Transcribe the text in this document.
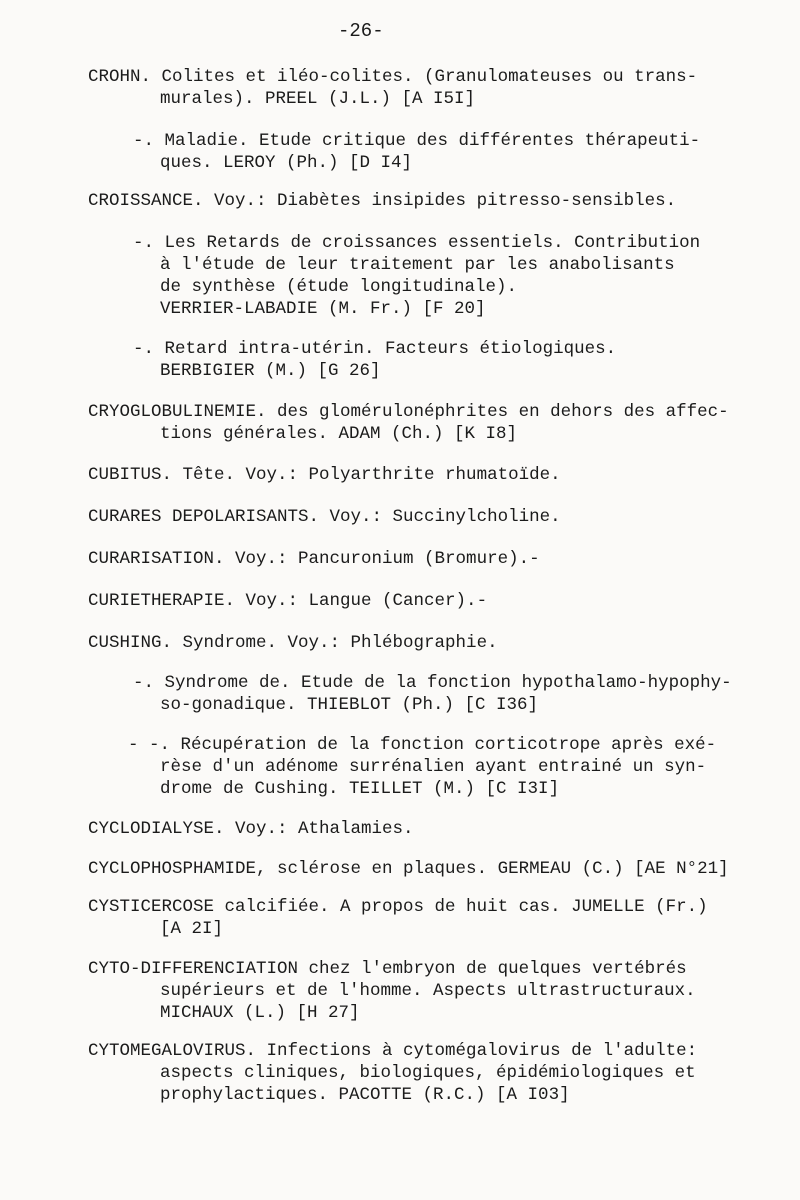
-26-
CROHN. Colites et iléo-colites. (Granulomateuses ou trans-
murales). PREEL (J.L.) [A I5I]
-. Maladie. Etude critique des différentes thérapeuti-
ques. LEROY (Ph.) [D I4]
CROISSANCE. Voy.: Diabètes insipides pitresso-sensibles.
-. Les Retards de croissances essentiels. Contribution
à l'étude de leur traitement par les anabolisants
de synthèse (étude longitudinale).
VERRIER-LABADIE (M. Fr.) [F 20]
-. Retard intra-utérin. Facteurs étiologiques.
BERBIGIER (M.) [G 26]
CRYOGLOBULINEMIE. des glomérulonéphrites en dehors des affec-
tions générales. ADAM (Ch.) [K I8]
CUBITUS. Tête. Voy.: Polyarthrite rhumatoïde.
CURARES DEPOLARISANTS. Voy.: Succinylcholine.
CURARISATION. Voy.: Pancuronium (Bromure).-
CURIETHERAPIE. Voy.: Langue (Cancer).-
CUSHING. Syndrome. Voy.: Phlébographie.
-. Syndrome de. Etude de la fonction hypothalamo-hypophy-
so-gonadique. THIEBLOT (Ph.) [C I36]
- -. Récupération de la fonction corticotrope après exé-
rèse d'un adénome surrénalien ayant entrainé un syn-
drome de Cushing. TEILLET (M.) [C I3I]
CYCLODIALYSE. Voy.: Athalamies.
CYCLOPHOSPHAMIDE, sclérose en plaques. GERMEAU (C.) [AE N°21]
CYSTICERCOSE calcifiée. A propos de huit cas. JUMELLE (Fr.)
[A 2I]
CYTO-DIFFERENCIATION chez l'embryon de quelques vertébrés
supérieurs et de l'homme. Aspects ultrastructuraux.
MICHAUX (L.) [H 27]
CYTOMEGALOVIRUS. Infections à cytomégalovirus de l'adulte:
aspects cliniques, biologiques, épidémiologiques et
prophylactiques. PACOTTE (R.C.) [A I03]
